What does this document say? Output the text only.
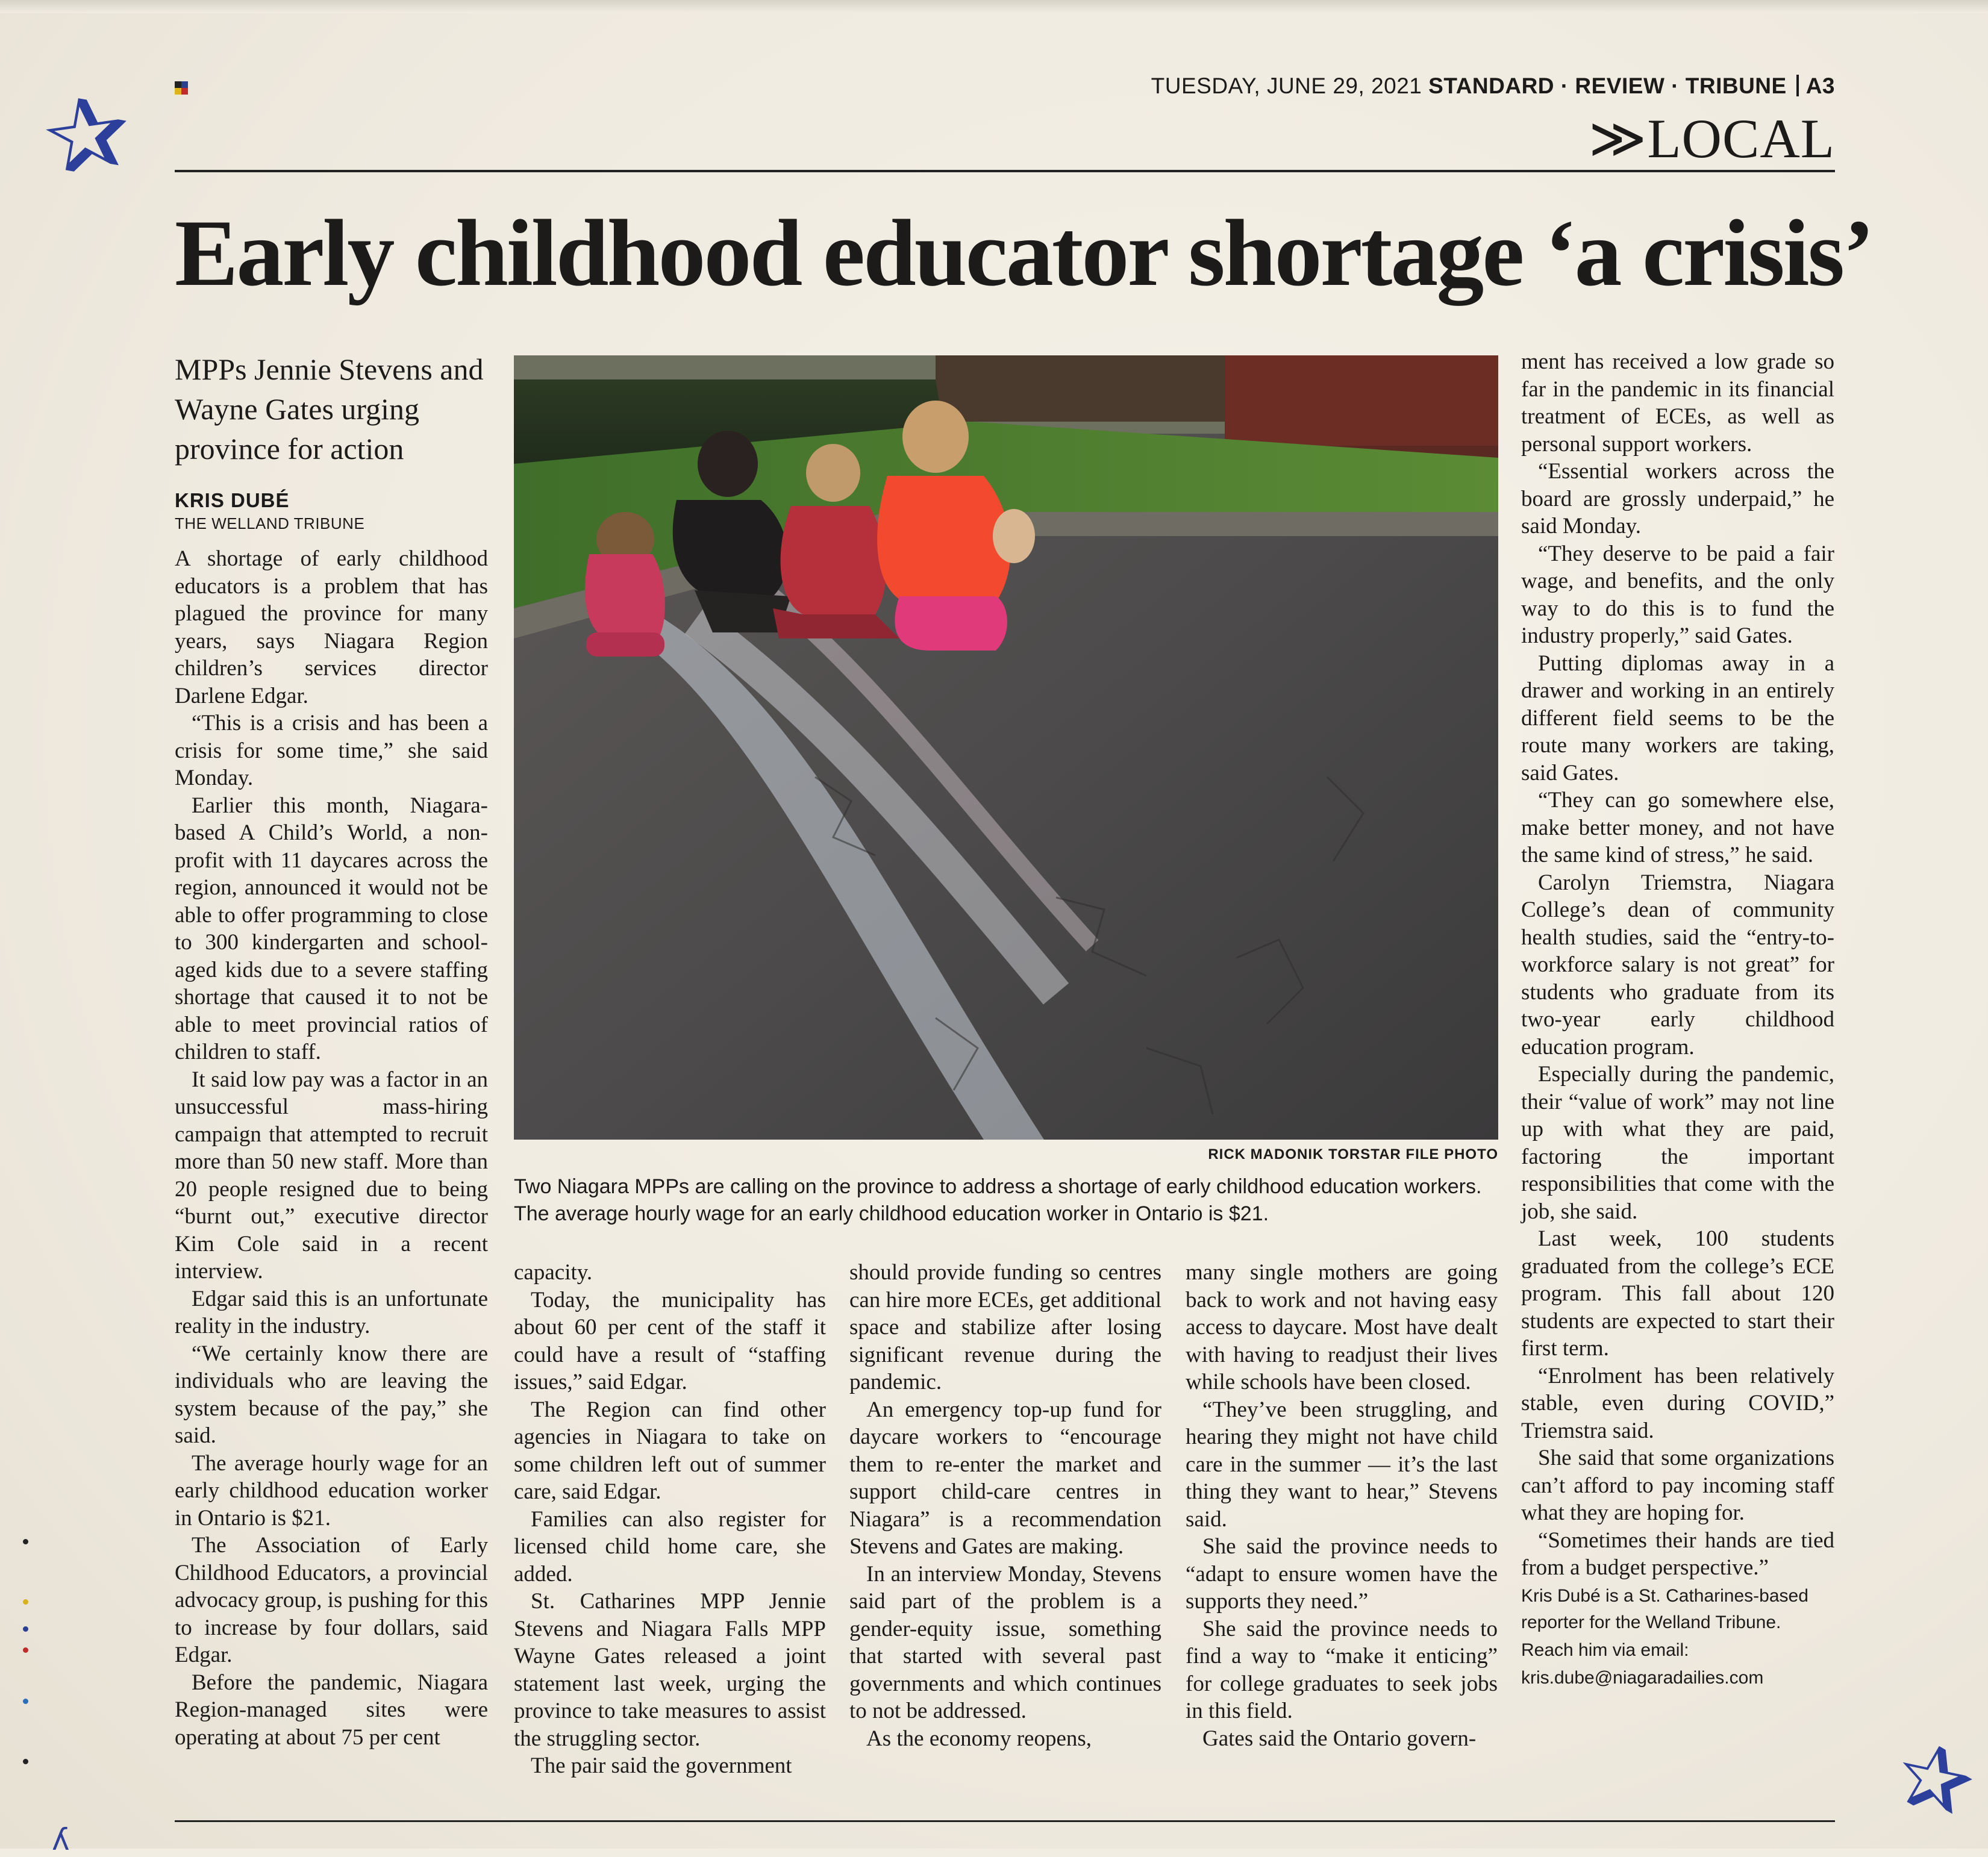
✰
✰
ʎ
TUESDAY, JUNE 29, 2021 STANDARD · REVIEW · TRIBUNE A3
≫LOCAL
Early childhood educator shortage ‘a crisis’
MPPs Jennie Stevens and Wayne Gates urging province for action
KRIS DUBÉ
THE WELLAND TRIBUNE

A shortage of early childhood educators is a problem that has plagued the province for many years, says Niagara Region children’s services director Darlene Edgar.

“This is a crisis and has been a crisis for some time,” she said Monday.

Earlier this month, Niagara-based A Child’s World, a non-profit with 11 daycares across the region, announced it would not be able to offer programming to close to 300 kindergarten and school-aged kids due to a severe staffing shortage that caused it to not be able to meet provincial ratios of children to staff.

It said low pay was a factor in an unsuccessful mass-hiring campaign that attempted to recruit more than 50 new staff. More than 20 people resigned due to being “burnt out,” executive director Kim Cole said in a recent interview.

Edgar said this is an unfortunate reality in the industry.

“We certainly know there are individuals who are leaving the system because of the pay,” she said.

The average hourly wage for an early childhood education worker in Ontario is $21.

The Association of Early Childhood Educators, a provincial advocacy group, is pushing for this to increase by four dollars, said Edgar.

Before the pandemic, Niagara Region-managed sites were operating at about 75 per cent

RICK MADONIK TORSTAR FILE PHOTO
Two Niagara MPPs are calling on the province to address a shortage of early childhood education workers. The average hourly wage for an early childhood education worker in Ontario is $21.

capacity.

Today, the municipality has about 60 per cent of the staff it could have a result of “staffing issues,” said Edgar.

The Region can find other agencies in Niagara to take on some children left out of summer care, said Edgar.

Families can also register for licensed child home care, she added.

St. Catharines MPP Jennie Stevens and Niagara Falls MPP Wayne Gates released a joint statement last week, urging the province to take measures to assist the struggling sector.

The pair said the government

should provide funding so centres can hire more ECEs, get additional space and stabilize after losing significant revenue during the pandemic.

An emergency top-up fund for daycare workers to “encourage them to re-enter the market and support child-care centres in Niagara” is a recommendation Stevens and Gates are making.

In an interview Monday, Stevens said part of the problem is a gender-equity issue, something that started with several past governments and which continues to not be addressed.

As the economy reopens,

many single mothers are going back to work and not having easy access to daycare. Most have dealt with having to readjust their lives while schools have been closed.

“They’ve been struggling, and hearing they might not have child care in the summer — it’s the last thing they want to hear,” Stevens said.

She said the province needs to “adapt to ensure women have the supports they need.”

She said the province needs to find a way to “make it enticing” for college graduates to seek jobs in this field.

Gates said the Ontario govern-

ment has received a low grade so far in the pandemic in its financial treatment of ECEs, as well as personal support workers.

“Essential workers across the board are grossly underpaid,” he said Monday.

“They deserve to be paid a fair wage, and benefits, and the only way to do this is to fund the industry properly,” said Gates.

Putting diplomas away in a drawer and working in an entirely different field seems to be the route many workers are taking, said Gates.

“They can go somewhere else, make better money, and not have the same kind of stress,” he said.

Carolyn Triemstra, Niagara College’s dean of community health studies, said the “entry-to-workforce salary is not great” for students who graduate from its two-year early childhood education program.

Especially during the pandemic, their “value of work” may not line up with what they are paid, factoring the important responsibilities that come with the job, she said.

Last week, 100 students graduated from the college’s ECE program. This fall about 120 students are expected to start their first term.

“Enrolment has been relatively stable, even during COVID,” Triemstra said.

She said that some organizations can’t afford to pay incoming staff what they are hoping for.

“Sometimes their hands are tied from a budget perspective.”

Kris Dubé is a St. Catharines-based reporter for the Welland Tribune.

Reach him via email:

kris.dube@niagaradailies.com
